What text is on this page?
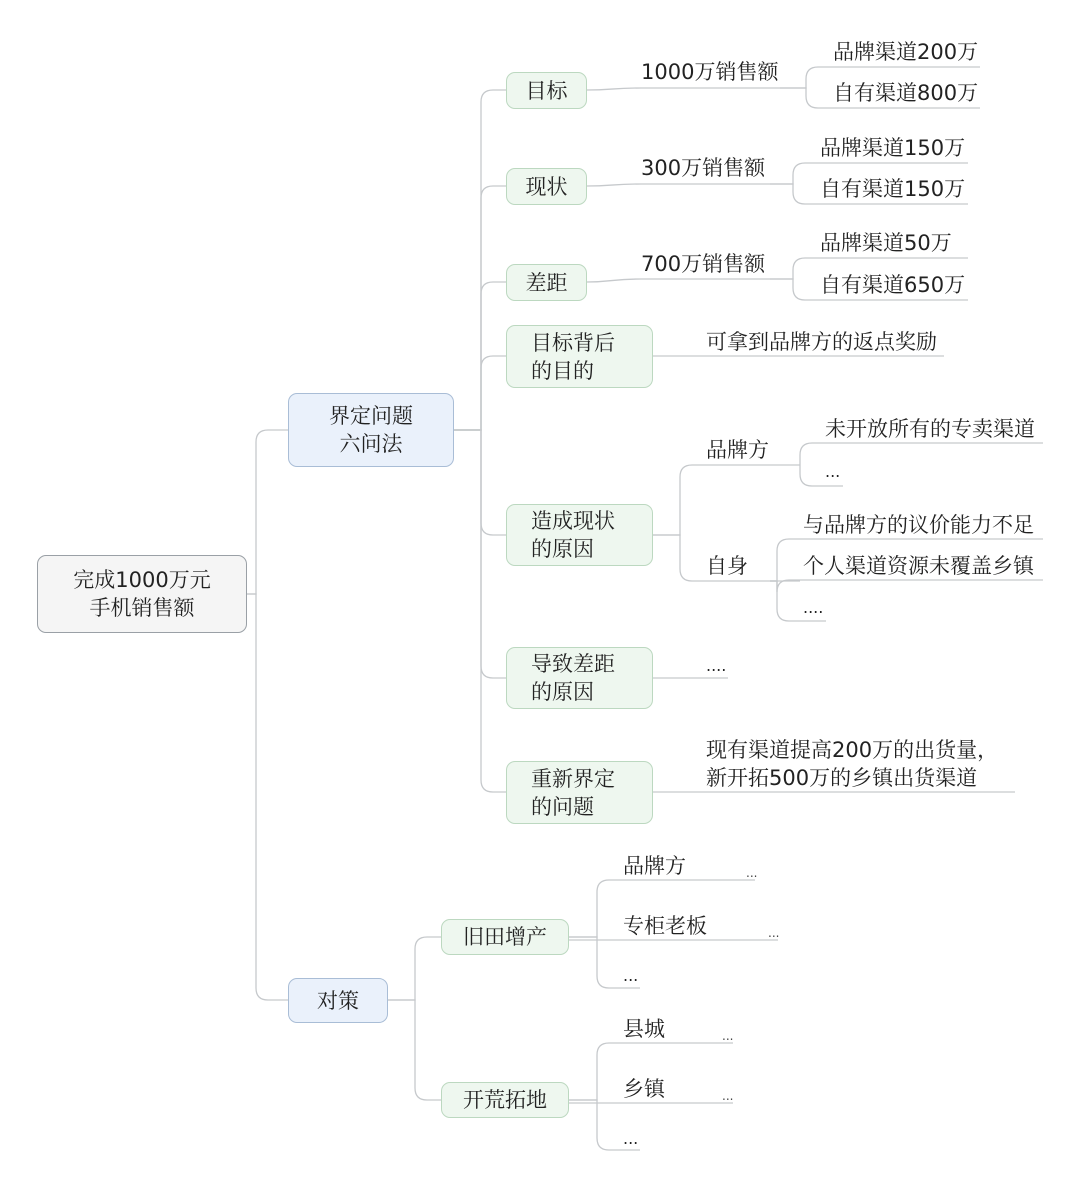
完成1000万元
手机销售额
界定问题
六问法
对策
目标
1000万销售额
品牌渠道200万
自有渠道800万
现状
300万销售额
品牌渠道150万
自有渠道150万
差距
700万销售额
品牌渠道50万
自有渠道650万
目标背后
的目的
可拿到品牌方的返点奖励
造成现状
的原因
品牌方
未开放所有的专卖渠道
...
自身
与品牌方的议价能力不足
个人渠道资源未覆盖乡镇
....
导致差距
的原因
....
重新界定
的问题
现有渠道提高200万的出货量，
新开拓500万的乡镇出货渠道
旧田增产
品牌方	...
专柜老板	...
...
开荒拓地
县城	...
乡镇	...
...
